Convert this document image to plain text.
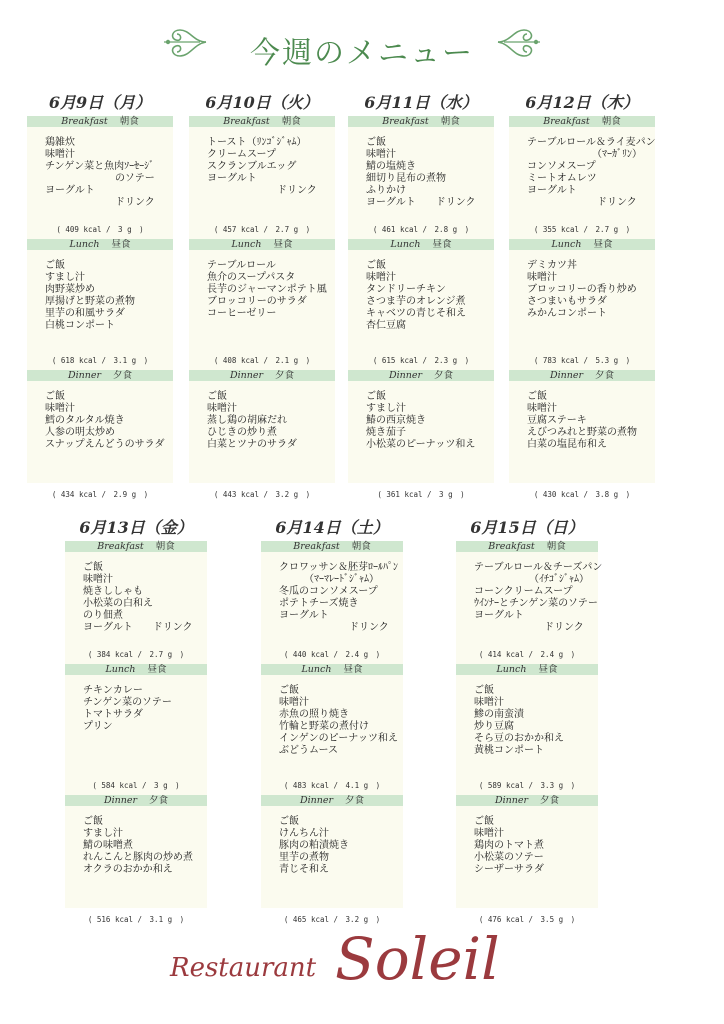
今週のメニュー
6月9日（月）
Breakfast 朝食
鶏雑炊
味噌汁
チンゲン菜と魚肉ｿｰｾｰｼﾞ
　　　　　　　のソテー
ヨーグルト
　　　　　　　ドリンク
( 409 kcal /　3 g　)
Lunch 昼食
ご飯
すまし汁
肉野菜炒め
厚揚げと野菜の煮物
里芋の和風サラダ
白桃コンポート
( 618 kcal /　3.1 g　)
Dinner 夕食
ご飯
味噌汁
鱈のタルタル焼き
人参の明太炒め
スナップえんどうのサラダ
( 434 kcal /　2.9 g　)
6月10日（火）
Breakfast 朝食
トースト（ﾘﾝｺﾞｼﾞｬﾑ）
クリームスープ
スクランブルエッグ
ヨーグルト
　　　　　　　ドリンク
( 457 kcal /　2.7 g　)
Lunch 昼食
テーブルロール
魚介のスープパスタ
長芋のジャーマンポテト風
ブロッコリーのサラダ
コーヒーゼリー
( 408 kcal /　2.1 g　)
Dinner 夕食
ご飯
味噌汁
蒸し鶏の胡麻だれ
ひじきの炒り煮
白菜とツナのサラダ
( 443 kcal /　3.2 g　)
6月11日（水）
Breakfast 朝食
ご飯
味噌汁
鯖の塩焼き
細切り昆布の煮物
ふりかけ
ヨーグルト　　ドリンク
( 461 kcal /　2.8 g　)
Lunch 昼食
ご飯
味噌汁
タンドリーチキン
さつま芋のオレンジ煮
キャベツの青じそ和え
杏仁豆腐
( 615 kcal /　2.3 g　)
Dinner 夕食
ご飯
すまし汁
鰆の西京焼き
焼き茄子
小松菜のピーナッツ和え
( 361 kcal /　3 g　)
6月12日（木）
Breakfast 朝食
テーブルロール＆ライ麦パン
　　　　　　　（ﾏｰｶﾞﾘﾝ）
コンソメスープ
ミートオムレツ
ヨーグルト
　　　　　　　ドリンク
( 355 kcal /　2.7 g　)
Lunch 昼食
デミカツ丼
味噌汁
ブロッコリーの香り炒め
さつまいもサラダ
みかんコンポート
( 783 kcal /　5.3 g　)
Dinner 夕食
ご飯
味噌汁
豆腐ステーキ
えびつみれと野菜の煮物
白菜の塩昆布和え
( 430 kcal /　3.8 g　)
6月13日（金）
Breakfast 朝食
ご飯
味噌汁
焼きししゃも
小松菜の白和え
のり佃煮
ヨーグルト　　ドリンク
( 384 kcal /　2.7 g　)
Lunch 昼食
チキンカレー
チンゲン菜のソテー
トマトサラダ
プリン
( 584 kcal /　3 g　)
Dinner 夕食
ご飯
すまし汁
鯖の味噌煮
れんこんと豚肉の炒め煮
オクラのおかか和え
( 516 kcal /　3.1 g　)
6月14日（土）
Breakfast 朝食
クロワッサン＆胚芽ﾛｰﾙﾊﾟﾝ
　　　（ﾏｰﾏﾚｰﾄﾞｼﾞｬﾑ）
冬瓜のコンソメスープ
ポテトチーズ焼き
ヨーグルト
　　　　　　　ドリンク
( 440 kcal /　2.4 g　)
Lunch 昼食
ご飯
味噌汁
赤魚の照り焼き
竹輪と野菜の煮付け
インゲンのピーナッツ和え
ぶどうムース
( 483 kcal /　4.1 g　)
Dinner 夕食
ご飯
けんちん汁
豚肉の粕漬焼き
里芋の煮物
青じそ和え
( 465 kcal /　3.2 g　)
6月15日（日）
Breakfast 朝食
テーブルロール＆チーズパン
　　　　　　（ｲﾁｺﾞｼﾞｬﾑ）
コーンクリームスープ
ｳｲﾝﾅｰとチンゲン菜のソテー
ヨーグルト
　　　　　　　ドリンク
( 414 kcal /　2.4 g　)
Lunch 昼食
ご飯
味噌汁
鯵の南蛮漬
炒り豆腐
そら豆のおかか和え
黄桃コンポート
( 589 kcal /　3.3 g　)
Dinner 夕食
ご飯
味噌汁
鶏肉のトマト煮
小松菜のソテー
シーザーサラダ
( 476 kcal /　3.5 g　)
Restaurant Soleil
